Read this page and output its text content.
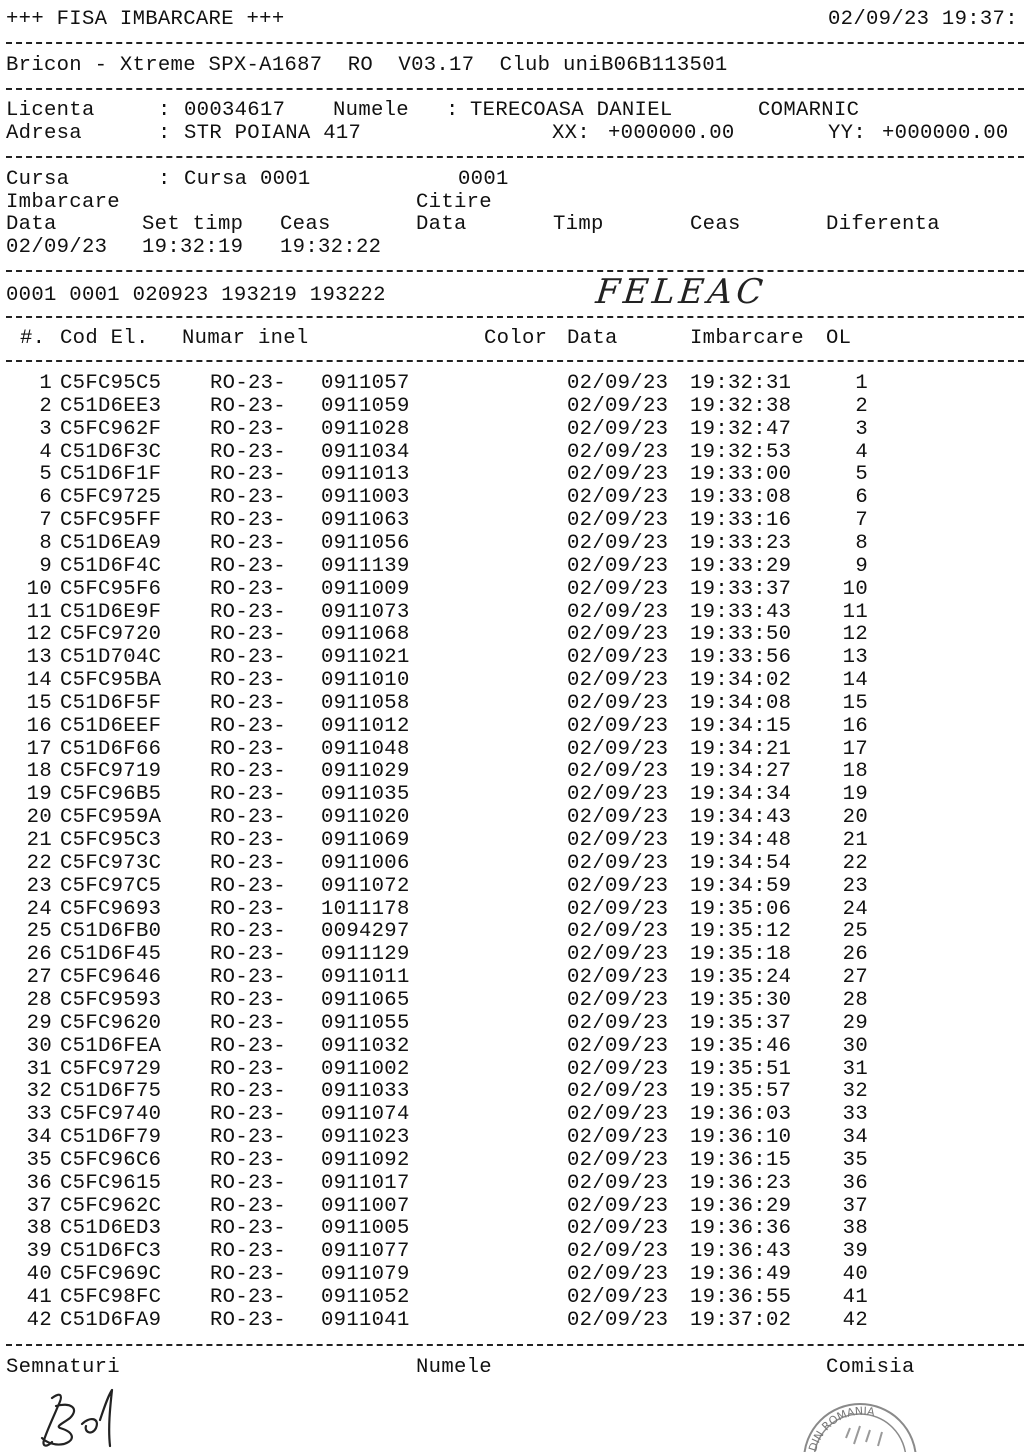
+++ FISA IMBARCARE +++	02/09/23 19:37:
Bricon - Xtreme SPX-A1687  RO  V03.17  Club uniB06B113501
Licenta	: 00034617 Numele : TERECOASA DANIEL	COMARNIC
Adresa	: STR POIANA 417	XX: +000000.00	YY: +000000.00
Cursa	: Cursa 0001	0001
Imbarcare	Citire
Data	Set timp Ceas	Data	Timp	Ceas	Diferenta
02/09/23 19:32:19 19:32:22
0001 0001 020923 193219 193222	FELEAC
#. Cod El. Numar inel	Color Data	Imbarcare OL
1 C5FC95C5 RO-23- 0911057	02/09/23 19:32:31	1
2 C51D6EE3 RO-23- 0911059	02/09/23 19:32:38	2
3 C5FC962F RO-23- 0911028	02/09/23 19:32:47	3
4 C51D6F3C RO-23- 0911034	02/09/23 19:32:53	4
5 C51D6F1F RO-23- 0911013	02/09/23 19:33:00	5
6 C5FC9725 RO-23- 0911003	02/09/23 19:33:08	6
7 C5FC95FF RO-23- 0911063	02/09/23 19:33:16	7
8 C51D6EA9 RO-23- 0911056	02/09/23 19:33:23	8
9 C51D6F4C RO-23- 0911139	02/09/23 19:33:29	9
10 C5FC95F6 RO-23- 0911009	02/09/23 19:33:37	10
11 C51D6E9F RO-23- 0911073	02/09/23 19:33:43	11
12 C5FC9720 RO-23- 0911068	02/09/23 19:33:50	12
13 C51D704C RO-23- 0911021	02/09/23 19:33:56	13
14 C5FC95BA RO-23- 0911010	02/09/23 19:34:02	14
15 C51D6F5F RO-23- 0911058	02/09/23 19:34:08	15
16 C51D6EEF RO-23- 0911012	02/09/23 19:34:15	16
17 C51D6F66 RO-23- 0911048	02/09/23 19:34:21	17
18 C5FC9719 RO-23- 0911029	02/09/23 19:34:27	18
19 C5FC96B5 RO-23- 0911035	02/09/23 19:34:34	19
20 C5FC959A RO-23- 0911020	02/09/23 19:34:43	20
21 C5FC95C3 RO-23- 0911069	02/09/23 19:34:48	21
22 C5FC973C RO-23- 0911006	02/09/23 19:34:54	22
23 C5FC97C5 RO-23- 0911072	02/09/23 19:34:59	23
24 C5FC9693 RO-23- 1011178	02/09/23 19:35:06	24
25 C51D6FB0 RO-23- 0094297	02/09/23 19:35:12	25
26 C51D6F45 RO-23- 0911129	02/09/23 19:35:18	26
27 C5FC9646 RO-23- 0911011	02/09/23 19:35:24	27
28 C5FC9593 RO-23- 0911065	02/09/23 19:35:30	28
29 C5FC9620 RO-23- 0911055	02/09/23 19:35:37	29
30 C51D6FEA RO-23- 0911032	02/09/23 19:35:46	30
31 C5FC9729 RO-23- 0911002	02/09/23 19:35:51	31
32 C51D6F75 RO-23- 0911033	02/09/23 19:35:57	32
33 C5FC9740 RO-23- 0911074	02/09/23 19:36:03	33
34 C51D6F79 RO-23- 0911023	02/09/23 19:36:10	34
35 C5FC96C6 RO-23- 0911092	02/09/23 19:36:15	35
36 C5FC9615 RO-23- 0911017	02/09/23 19:36:23	36
37 C5FC962C RO-23- 0911007	02/09/23 19:36:29	37
38 C51D6ED3 RO-23- 0911005	02/09/23 19:36:36	38
39 C51D6FC3 RO-23- 0911077	02/09/23 19:36:43	39
40 C5FC969C RO-23- 0911079	02/09/23 19:36:49	40
41 C5FC98FC RO-23- 0911052	02/09/23 19:36:55	41
42 C51D6FA9 RO-23- 0911041	02/09/23 19:37:02	42
Semnaturi	Numele	Comisia
DIN ROMANIA
